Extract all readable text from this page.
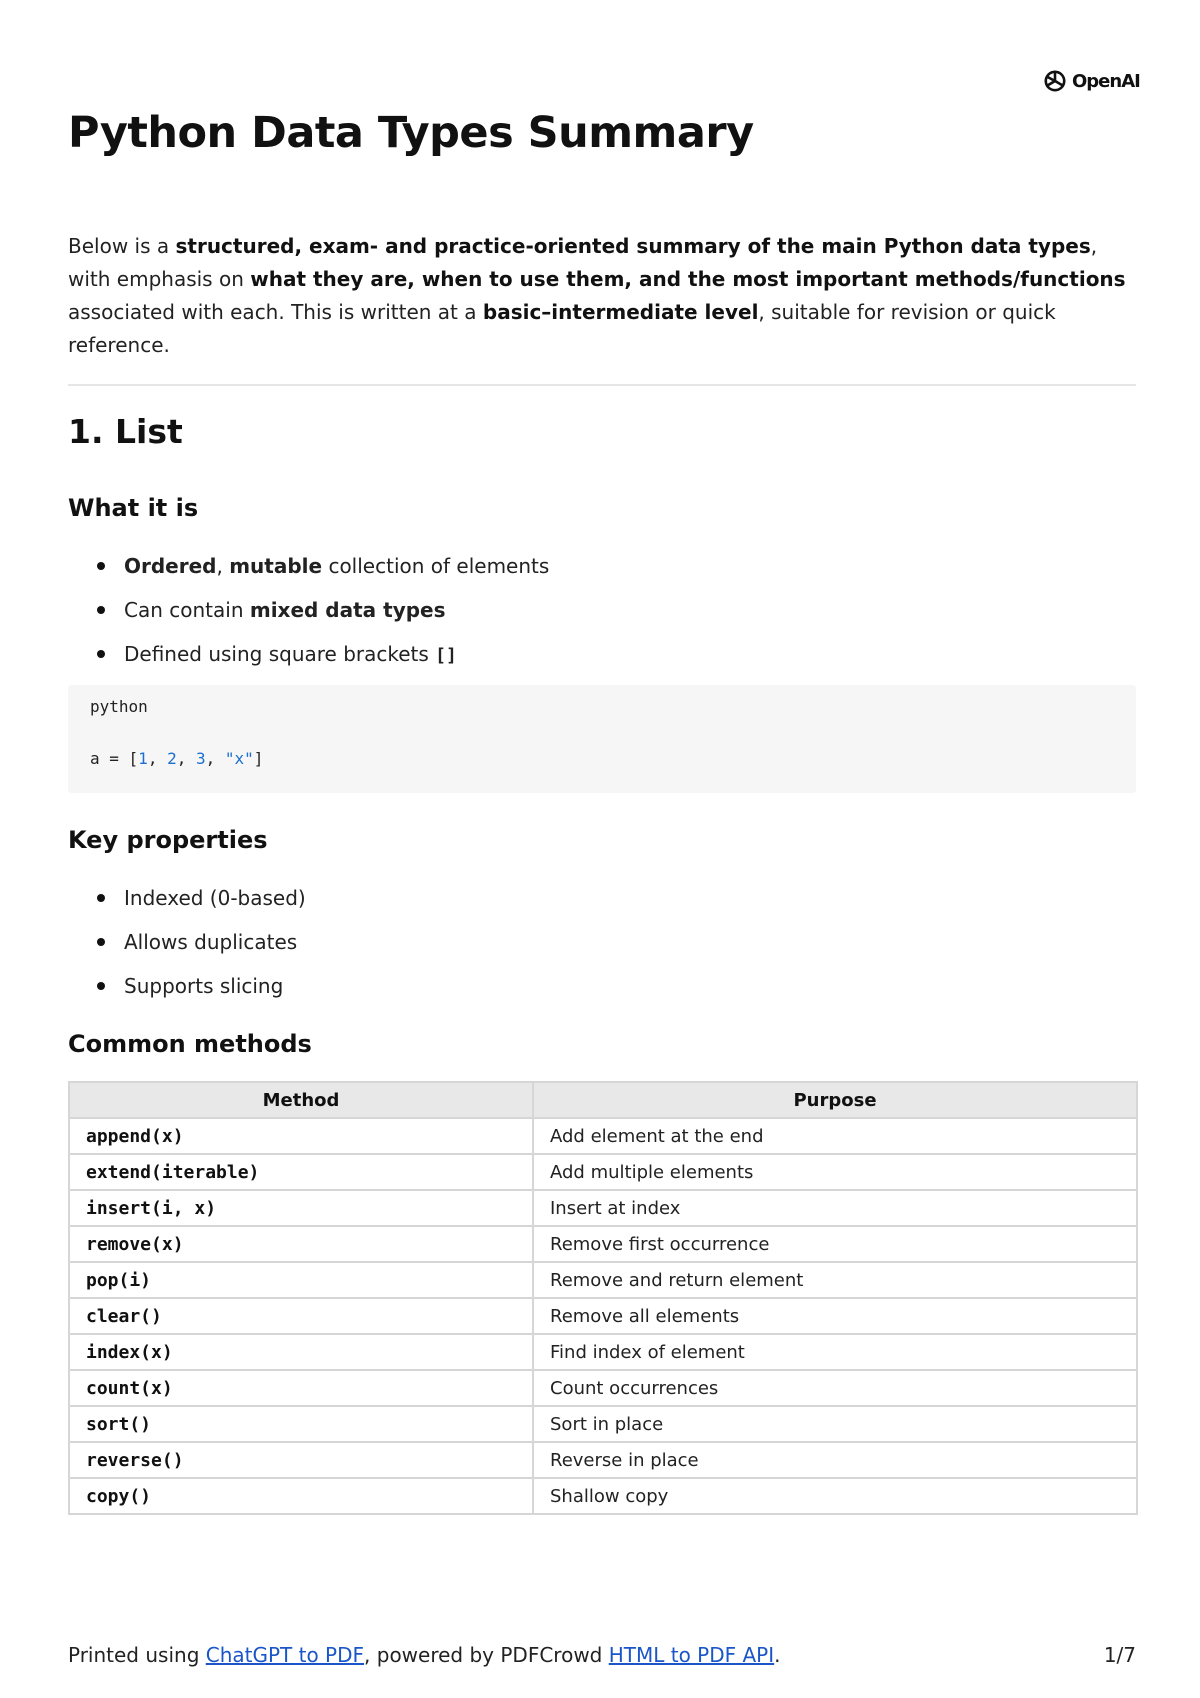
OpenAI
Python Data Types Summary

Below is a structured, exam- and practice-oriented summary of the main Python data types, with emphasis on what they are, when to use them, and the most important methods/functions associated with each. This is written at a basic–intermediate level, suitable for revision or quick reference.

1. List
What it is
Ordered, mutable collection of elements
Can contain mixed data types
Defined using square brackets []
python
a = [1, 2, 3, "x"]
Key properties
Indexed (0-based)
Allows duplicates
Supports slicing
Common methods
Method	Purpose
append(x)	Add element at the end
extend(iterable)	Add multiple elements
insert(i, x)	Insert at index
remove(x)	Remove first occurrence
pop(i)	Remove and return element
clear()	Remove all elements
index(x)	Find index of element
count(x)	Count occurrences
sort()	Sort in place
reverse()	Reverse in place
copy()	Shallow copy
Printed using ChatGPT to PDF, powered by PDFCrowd HTML to PDF API.	1/7
